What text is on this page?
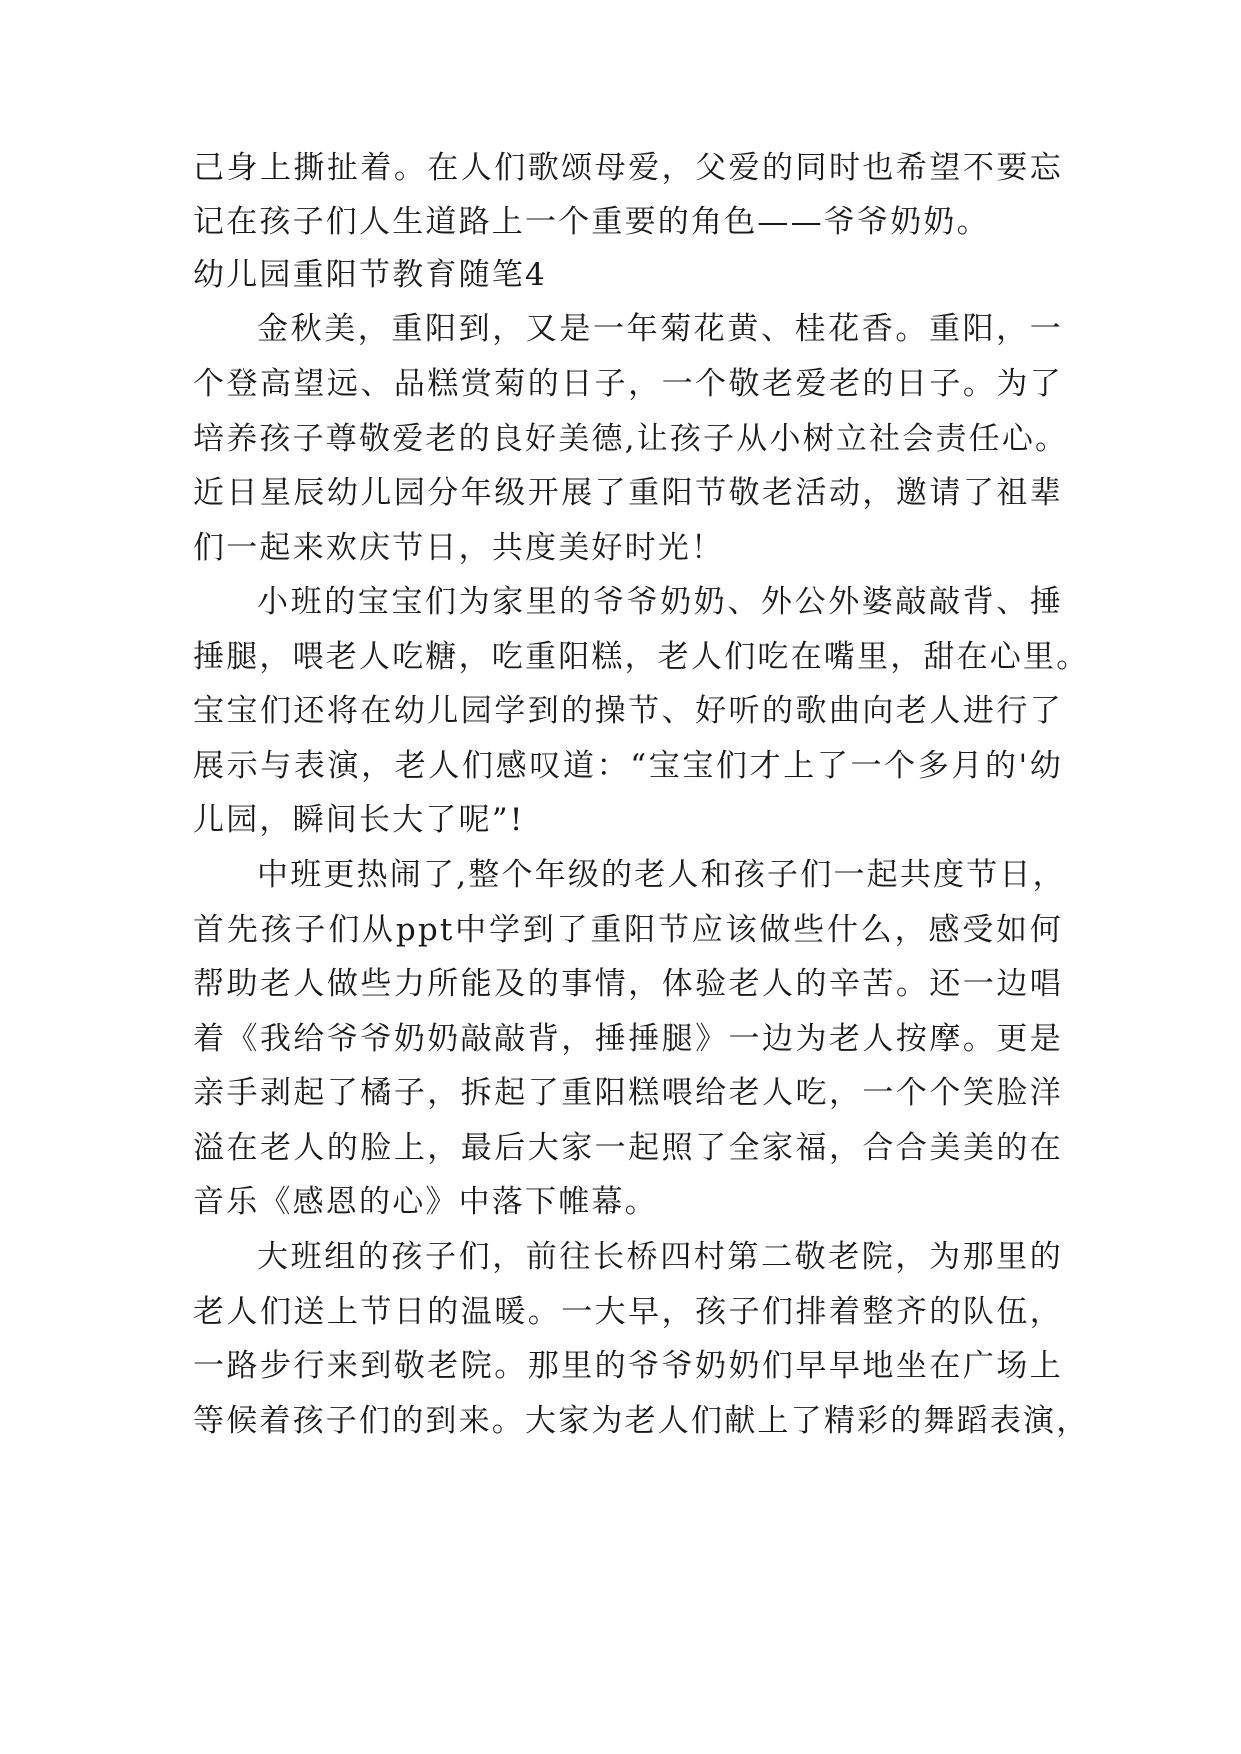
己身上撕扯着。在人们歌颂母爱，父爱的同时也希望不要忘
记在孩子们人生道路上一个重要的角色——爷爷奶奶。
幼儿园重阳节教育随笔4
金秋美，重阳到，又是一年菊花黄、桂花香。重阳，一
个登高望远、品糕赏菊的日子，一个敬老爱老的日子。为了
培养孩子尊敬爱老的良好美德,让孩子从小树立社会责任心。
近日星辰幼儿园分年级开展了重阳节敬老活动，邀请了祖辈
们一起来欢庆节日，共度美好时光！
小班的宝宝们为家里的爷爷奶奶、外公外婆敲敲背、捶
捶腿，喂老人吃糖，吃重阳糕，老人们吃在嘴里，甜在心里。
宝宝们还将在幼儿园学到的操节、好听的歌曲向老人进行了
展示与表演，老人们感叹道：“宝宝们才上了一个多月的'幼
儿园，瞬间长大了呢”!
中班更热闹了,整个年级的老人和孩子们一起共度节日，
首先孩子们从ppt中学到了重阳节应该做些什么，感受如何
帮助老人做些力所能及的事情，体验老人的辛苦。还一边唱
着《我给爷爷奶奶敲敲背，捶捶腿》一边为老人按摩。更是
亲手剥起了橘子，拆起了重阳糕喂给老人吃，一个个笑脸洋
溢在老人的脸上，最后大家一起照了全家福，合合美美的在
音乐《感恩的心》中落下帷幕。
大班组的孩子们，前往长桥四村第二敬老院，为那里的
老人们送上节日的温暖。一大早，孩子们排着整齐的队伍，
一路步行来到敬老院。那里的爷爷奶奶们早早地坐在广场上
等候着孩子们的到来。大家为老人们献上了精彩的舞蹈表演，
